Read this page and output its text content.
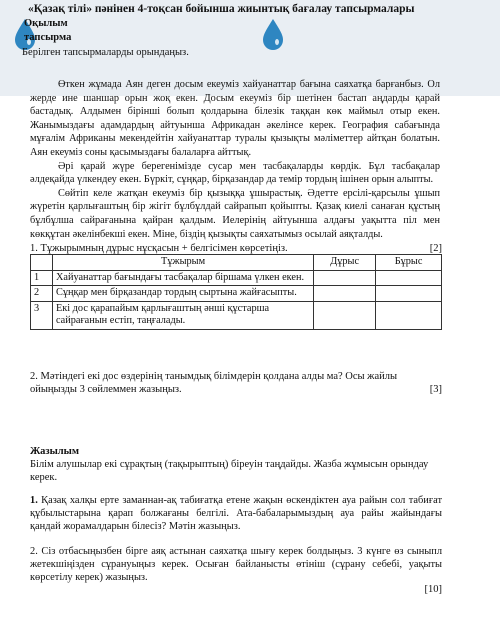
«Қазақ тілі» пәнінен 4-тоқсан бойынша жиынтық бағалау тапсырмалары
Оқылым
тапсырма
Берілген тапсырмаларды орындаңыз.

Өткен жұмада Аян деген досым екеуміз хайуанаттар бағына саяхатқа барғанбыз. Ол жерде ине шаншар орын жоқ екен. Досым екеуміз бір шетінен бастап аңдарды қарай бастадық. Алдымен бірінші болып қолдарына білезік таққан көк маймыл отыр екен. Жанымыздағы адамдардың айтуынша Африкадан әкелінсе керек. География сабағында мұғалім Африканы мекендейтін хайуанаттар туралы қызықты мәліметтер айтқан болатын. Аян екеуміз соны қасымыздағы балаларға айттық.

Әрі қарай жүре берегенімізде сусар мен тасбақаларды көрдік. Бұл тасбақалар әлдеқайда үлкендеу екен. Бүркіт, сұңқар, бірқазандар да темір тордың ішінен орын алыпты.

Сөйтіп келе жатқан екеуміз бір қызыққа ұшырастық. Әдетте ерсілі-қарсылы ұшып жүретін қарлығаштың бір жігіт бұлбұлдай сайрапып қойыпты. Қазақ киелі санаған құстың бұлбұлша сайрағанына қайран қалдым. Иелерінің айтуынша алдағы уақытта піл мен көкқұтан әкелінбекші екен. Міне, біздің қызықты саяхатымыз осылай аяқталды.

1. Тұжырымның дұрыс нұсқасын + белгісімен көрсетіңіз.	[2]
	Тұжырым	Дұрыс	Бұрыс
1	Хайуанаттар бағындағы тасбақалар біршама үлкен екен.		
2	Сұңқар мен бірқазандар тордың сыртына жайғасыпты.		
3	Екі дос қарапайым қарлығаштың әнші құстарша сайрағанын естіп, таңғалады.		
2. Мәтіндегі екі дос өздерінің танымдық білімдерін қолдана алды ма? Осы жайлы ойыңызды 3 сөйлеммен жазыңыз.	[3]
Жазылым
Білім алушылар екі сұрақтың (тақырыптың) біреуін таңдайды. Жазба жұмысын орындау керек.
1. Қазақ халқы ерте заманнан-ақ табиғатқа етене жақын өскендіктен ауа райын сол табиғат құбылыстарына қарап болжағаны белгілі. Ата-бабаларымыздың ауа райы жайындағы қандай жорамалдарын білесіз? Мәтін жазыңыз.
2. Сіз отбасыңызбен бірге аяқ астынан саяхатқа шығу керек болдыңыз. 3 күнге өз сыныпл жетекшіңізден сұрануыңыз керек. Осыған байланысты өтініш (сұрану себебі, уақыты көрсетілу керек) жазыңыз.
[10]
